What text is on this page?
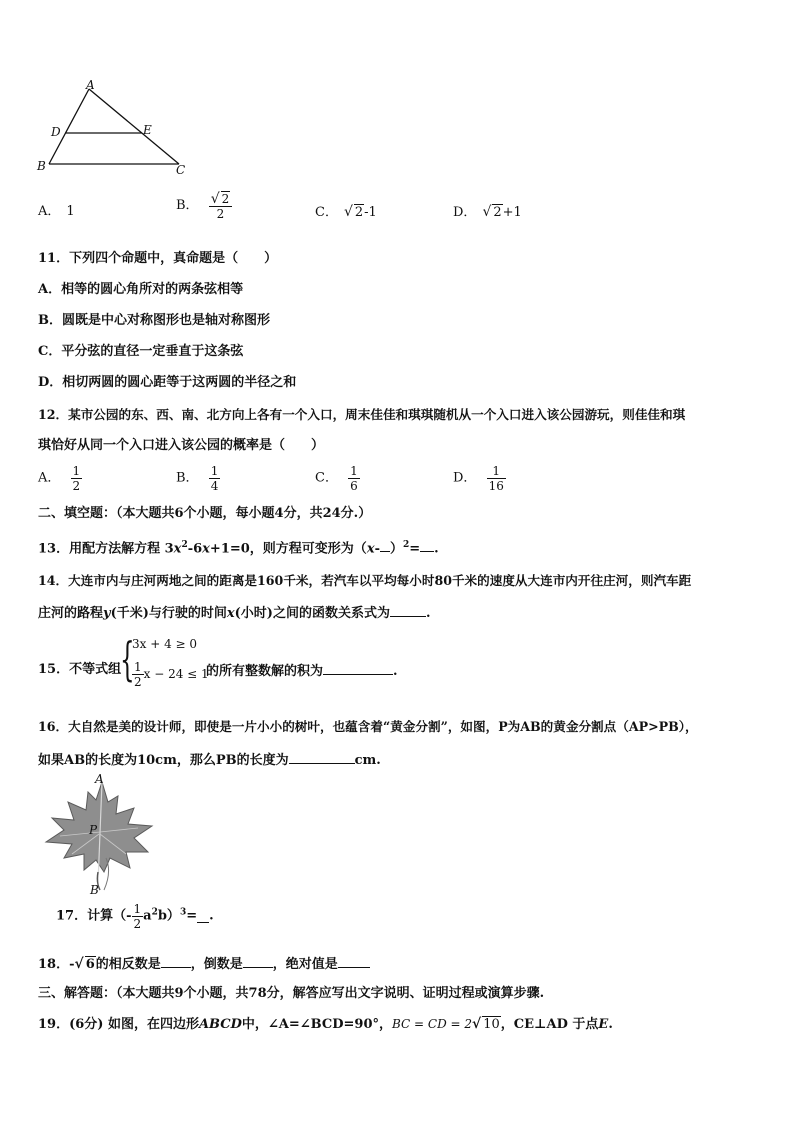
A
D	E
B	C
A． 1	B． $\frac{√ 2}{2}$	C． √ 2-1	D． √ 2+1
11．下列四个命题中，真命题是（　　）
A．相等的圆心角所对的两条弦相等
B．圆既是中心对称图形也是轴对称图形
C．平分弦的直径一定垂直于这条弦
D．相切两圆的圆心距等于这两圆的半径之和
12．某市公园的东、西、南、北方向上各有一个入口，周末佳佳和琪琪随机从一个入口进入该公园游玩，则佳佳和琪
琪恰好从同一个入口进入该公园的概率是（　　）
A． $\frac{1}{2}$	B． $\frac{1}{4}$	C． $\frac{1}{6}$	D． $\frac{1}{16}$
二、填空题：（本大题共6个小题，每小题4分，共24分.）
13．用配方法解方程 $3x^2-6x+1=0$，则方程可变形为（x- ）$^2$= .
14．大连市内与庄河两地之间的距离是160千米，若汽车以平均每小时80千米的速度从大连市内开往庄河，则汽车距
庄河的路程y(千米)与行驶的时间x(小时)之间的函数关系式为	.
15．不等式组
{
3x + 4 ≥ 0
$\frac{1}{2}$ x − 24 ≤ 1
的所有整数解的积为	.
16．大自然是美的设计师，即使是一片小小的树叶，也蕴含着“黄金分割”，如图，P为AB的黄金分割点（AP>PB），
如果AB的长度为10cm，那么PB的长度为	cm.
A
P
B
17．计算（- $\frac{1}{2} a^2b)^3=$ .
18．-√ 6的相反数是 ，倒数是 ，绝对值是
三、解答题：（本大题共9个小题，共78分，解答应写出文字说明、证明过程或演算步骤.
19．(6分) 如图，在四边形ABCD中，∠A=∠BCD=90°，BC = CD = 2√ 10，CE⊥AD 于点E.
